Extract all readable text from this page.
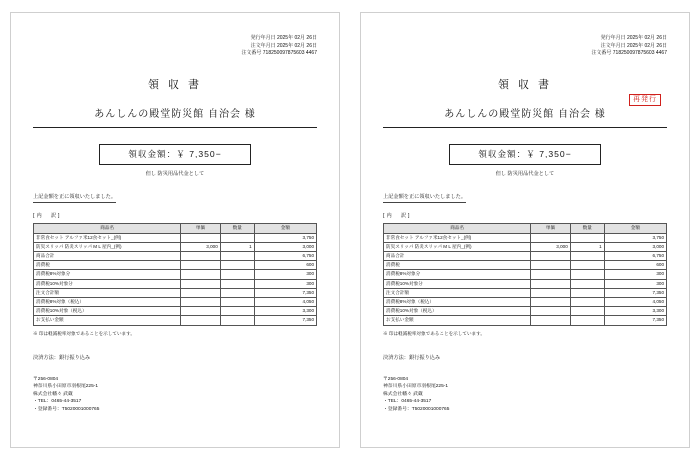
発行年月日 2025年 02月 26日
注文年月日 2025年 02月 26日
注文番号 718250097875603 4467
領 収 書
あんしんの殿堂防災館 自治会 様
領収金額：￥ 7,350−
但し 防災用品代金として
上記金額を正に領収いたしました。
[内　訳]
商品名	単価	数量	金額
非常食セット アルファ米12食セット_(例)			3,750
防災スリッパ 防炎スリッパ M L 屋内_(例)	3,000	1	3,000
商品合計			6,750
消費税			600
消費税8%対象分			300
消費税10%対象分			300
注文合計額			7,350
消費税8%対象（税込）			4,050
消費税10%対象（税込）			3,300
お支払い金額			7,350
※ 印は軽減税率対象であることを示しています。
決済方法：銀行振り込み
〒256-0804
神奈川県小田原市羽根尾225-1
株式会社幡々 武蔵
・TEL：0465-44-3517
・登録番号：T5020001000765
発行年月日 2025年 02月 26日
注文年月日 2025年 02月 26日
注文番号 718250097875603 4467
領 収 書
再発行
あんしんの殿堂防災館 自治会 様
領収金額：￥ 7,350−
但し 防災用品代金として
上記金額を正に領収いたしました。
[内　訳]
商品名	単価	数量	金額
非常食セット アルファ米12食セット_(例)			3,750
防災スリッパ 防炎スリッパ M L 屋内_(例)	3,000	1	3,000
商品合計			6,750
消費税			600
消費税8%対象分			300
消費税10%対象分			300
注文合計額			7,350
消費税8%対象（税込）			4,050
消費税10%対象（税込）			3,300
お支払い金額			7,350
※ 印は軽減税率対象であることを示しています。
決済方法：銀行振り込み
〒256-0804
神奈川県小田原市羽根尾225-1
株式会社幡々 武蔵
・TEL：0465-44-3517
・登録番号：T5020001000765
